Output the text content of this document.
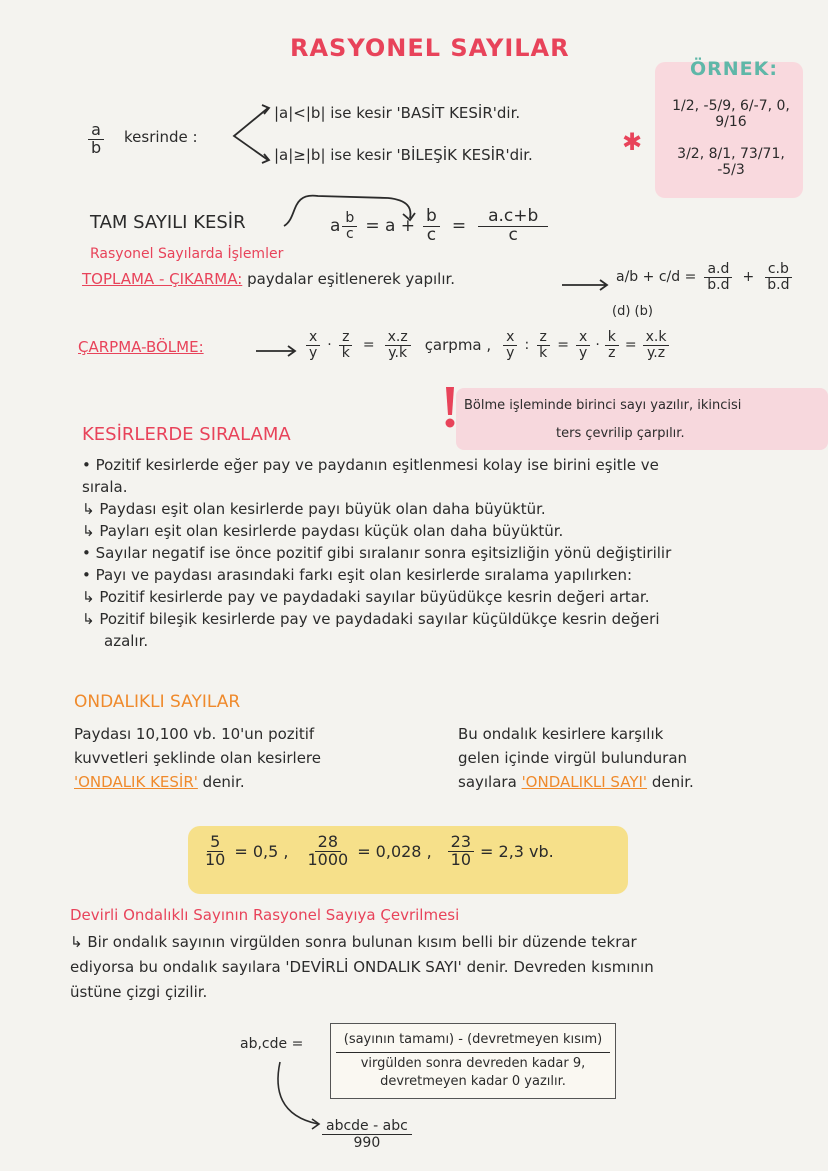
RASYONEL SAYILAR
$\frac{a}{b}$ kesrinde :
|a|<|b| ise kesir 'BASİT KESİR'dir.
|a|≥|b| ise kesir 'BİLEŞİK KESİR'dir.
ÖRNEK:
✱
1/2, -5/9, 6/-7, 0, 9/16
3/2, 8/1, 73/71, -5/3
TAM SAYILI KESİR	a $\frac{b}{c} = a + \frac{b}{c} = \frac{a.c+b}{c}$
Rasyonel Sayılarda İşlemler
TOPLAMA - ÇIKARMA: paydalar eşitlenerek yapılır.	$a/b + c/d = \frac{a.d}{b.d} + \frac{c.b}{b.d}$
(d) (b)
ÇARPMA-BÖLME:	$\frac{x}{y} \cdot \frac{z}{k} = \frac{x.z}{y.k}$ çarpma , $\frac{x}{y}$ : $\frac{z}{k} = \frac{x}{y} \cdot \frac{k}{z} = \frac{x.k}{y.z}$
Bölme işleminde birinci sayı yazılır, ikincisi
ters çevrilip çarpılır.
KESİRLERDE SIRALAMA
• Pozitif kesirlerde eğer pay ve paydanın eşitlenmesi kolay ise birini eşitle ve
sırala.
↳ Paydası eşit olan kesirlerde payı büyük olan daha büyüktür.
↳ Payları eşit olan kesirlerde paydası küçük olan daha büyüktür.
• Sayılar negatif ise önce pozitif gibi sıralanır sonra eşitsizliğin yönü değiştirilir
• Payı ve paydası arasındaki farkı eşit olan kesirlerde sıralama yapılırken:
↳ Pozitif kesirlerde pay ve paydadaki sayılar büyüdükçe kesrin değeri artar.
↳ Pozitif bileşik kesirlerde pay ve paydadaki sayılar küçüldükçe kesrin değeri
azalır.
ONDALIKLI SAYILAR
Paydası 10,100 vb. 10'un pozitif
kuvvetleri şeklinde olan kesirlere
'ONDALIK KESİR' denir.
Bu ondalık kesirlere karşılık
gelen içinde virgül bulunduran
sayılara 'ONDALIKLI SAYI' denir.
$\frac{5}{10} = 0,5$ , $\frac{28}{1000} = 0,028$ , $\frac{23}{10} = 2,3$ vb.
Devirli Ondalıklı Sayının Rasyonel Sayıya Çevrilmesi
↳ Bir ondalık sayının virgülden sonra bulunan kısım belli bir düzende tekrar
ediyorsa bu ondalık sayılara 'DEVİRLİ ONDALIK SAYI' denir. Devreden kısmının
üstüne çizgi çizilir.
ab,cde =	(sayının tamamı) - (devretmeyen kısım)
virgülden sonra devreden kadar 9,
devretmeyen kadar 0 yazılır.
abcde - abc
990
